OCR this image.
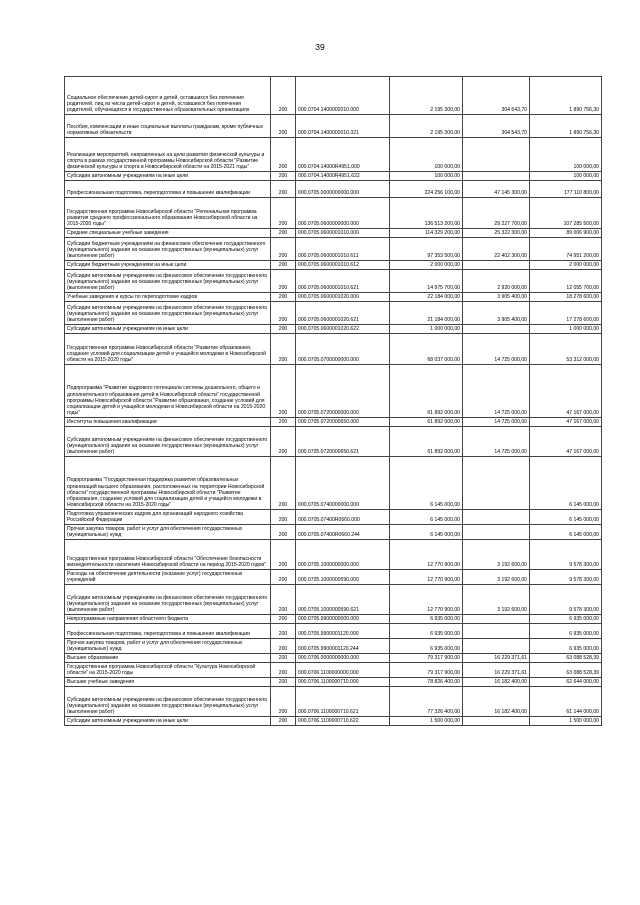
39
Социальное обеспечение детей-сирот и детей, оставшихся без попечения родителей, лиц из числа детей-сирот и детей, оставшихся без попечения родителей, обучающихся в государственных образовательных организациях	200	000.0704.1400002010.000	2 195 300,00	304 543,70	1 890 756,30
Пособия, компенсации и иные социальные выплаты гражданам, кроме публичных нормативных обязательств	200	000.0704.1400002010.321	2 195 300,00	304 543,70	1 890 756,30
Реализация мероприятий, направленных на цели развития физической культуры и спорта в рамках государственной программы Новосибирской области "Развитие физической культуры и спорта в Новосибирской области на 2015-2021 годы"	200	000.0704.14000R4951.000	100 000,00		100 000,00
Субсидии автономным учреждениям на иные цели	200	000.0704.14000R4951.622	100 000,00		100 000,00
Профессиональная подготовка, переподготовка и повышение квалификации	200	000.0705.0000000000.000	224 256 100,00	47 145 300,00	177 110 800,00
Государственная программа Новосибирской области "Региональная программа развития среднего профессионального образования Новосибирской области на 2015-2020 годы"	200	000.0705.0600000000.000	136 513 200,00	29 227 700,00	107 285 500,00
Средние специальные учебные заведения	200	000.0705.0600001010.000	114 329 200,00	25 322 300,00	89 006 900,00
Субсидии бюджетным учреждениям на финансовое обеспечение государственного (муниципального) задания на оказание государственных (муниципальных) услуг (выполнение работ)	200	000.0705.0600001010.611	97 353 500,00	22 402 300,00	74 951 200,00
Субсидии бюджетным учреждениям на иные цели	200	000.0705.0600001010.612	2 000 000,00		2 000 000,00
Субсидии автономным учреждениям на финансовое обеспечение государственного (муниципального) задания на оказание государственных (муниципальных) услуг (выполнение работ)	200	000.0705.0600001010.621	14 975 700,00	2 920 000,00	12 055 700,00
Учебные заведения и курсы по переподготовке кадров	200	000.0705.0600001020.000	22 184 000,00	3 905 400,00	18 278 600,00
Субсидии автономным учреждениям на финансовое обеспечение государственного (муниципального) задания на оказание государственных (муниципальных) услуг (выполнение работ)	200	000.0705.0600001020.621	21 184 000,00	3 905 400,00	17 278 600,00
Субсидии автономным учреждениям на иные цели	200	000.0705.0600001020.622	1 000 000,00		1 000 000,00
Государственная программа Новосибирской области "Развитие образования, создание условий для социализации детей и учащейся молодежи в Новосибирской области на 2015-2020 годы"	200	000.0705.0700000000.000	68 037 000,00	14 725 000,00	53 312 000,00
Подпрограмма "Развитие кадрового потенциала системы дошкольного, общего и дополнительного образования детей в Новосибирской области" государственной программы Новосибирской области "Развитие образования, создание условий для социализации детей и учащейся молодежи в Новосибирской области на 2015-2020 годы"	200	000.0705.0720000000.000	61 892 000,00	14 725 000,00	47 167 000,00
Институты повышения квалификации	200	000.0705.0720000650.000	61 892 000,00	14 725 000,00	47 167 000,00
Субсидии автономным учреждениям на финансовое обеспечение государственного (муниципального) задания на оказание государственных (муниципальных) услуг (выполнение работ)	200	000.0705.0720000650.621	61 892 000,00	14 725 000,00	47 167 000,00
Подпрограмма "Государственная поддержка развития образовательных организаций высшего образования, расположенных на территории Новосибирской области" государственной программы Новосибирской области "Развитие образования, создание условий для социализации детей и учащейся молодежи в Новосибирской области на 2015-2020 годы"	200	000.0705.0740000000.000	6 145 000,00		6 145 000,00
Подготовка управленческих кадров для организаций народного хозяйства Российской Федерации	200	000.0705.07400R0660.000	6 145 000,00		6 145 000,00
Прочая закупка товаров, работ и услуг для обеспечения государственных (муниципальных) нужд	200	000.0705.07400R0660.244	6 145 000,00		6 145 000,00
Государственная программа Новосибирской области "Обеспечение безопасности жизнедеятельности населения Новосибирской области на период 2015-2020 годов"	200	000.0705.1000000000.000	12 770 900,00	3 192 600,00	9 578 300,00
Расходы на обеспечение деятельности (оказание услуг) государственных учреждений	200	000.0705.1000000590.000	12 770 900,00	3 192 600,00	9 578 300,00
Субсидии автономным учреждениям на финансовое обеспечение государственного (муниципального) задания на оказание государственных (муниципальных) услуг (выполнение работ)	200	000.0705.1000000590.621	12 770 900,00	3 192 600,00	9 578 300,00
Непрограммные направления областного бюджета	200	000.0705.9900000000.000	6 935 000,00		6 935 000,00
Профессиональная подготовка, переподготовка и повышение квалификации	200	000.0705.9900001120.000	6 935 000,00		6 935 000,00
Прочая закупка товаров, работ и услуг для обеспечения государственных (муниципальных) нужд	200	000.0705.9900001120.244	6 935 000,00		6 935 000,00
Высшее образование	200	000.0706.0000000000.000	79 317 900,00	16 229 371,61	63 088 528,39
Государственная программа Новосибирской области "Культура Новосибирской области" на 2015-2020 годы	200	000.0706.1100000000.000	79 317 900,00	16 229 371,61	63 088 528,39
Высшие учебные заведения	200	000.0706.1100000710.000	78 826 400,00	16 182 400,00	62 644 000,00
Субсидии автономным учреждениям на финансовое обеспечение государственного (муниципального) задания на оказание государственных (муниципальных) услуг (выполнение работ)	200	000.0706.1100000710.621	77 326 400,00	16 182 400,00	61 144 000,00
Субсидии автономным учреждениям на иные цели	200	000.0706.1100000710.622	1 500 000,00		1 500 000,00
